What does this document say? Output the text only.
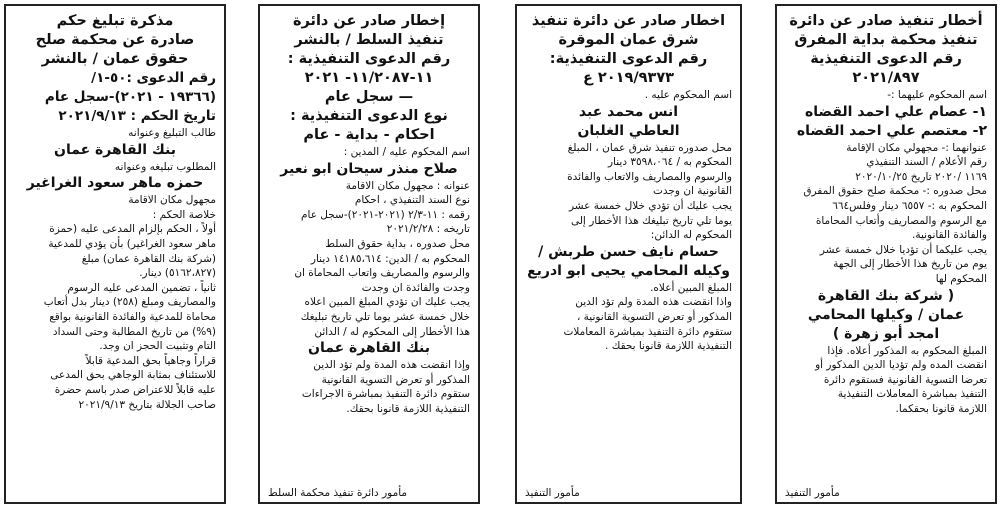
أخطار تنفيذ صادر عن دائرة

تنفيذ محكمة بداية المفرق

رقم الدعوى التنفيذية

٢٠٢١/٨٩٧

اسم المحكوم عليهما :-

١- عصام علي احمد القضاه

٢- معتصم علي احمد القضاه

عنوانهما :- مجهولي مكان الإقامة

رقم الأعلام / السند التنفيذي

١١٦٩ /٢٠٢٠ تاريخ ٢٠٢٠/١٠/٢٥

محل صدوره :- محكمة صلح حقوق المفرق

المحكوم به :- ٦٥٥٧ دينار وفلس٦٦٤

مع الرسوم والمصاريف وأتعاب المحاماة

والفائدة القانونية.

يجب عليكما أن تؤديا خلال خمسة عشر

يوم من تاريخ هذا الأخطار إلى الجهة

المحكوم لها

( شركة بنك القاهرة

عمان / وكيلها المحامي

امجد أبو زهرة )

المبلغ المحكوم به المذكور أعلاه. فإذا

انقضت المده ولم تؤديا الدين المذكور أو

تعرضا التسوية القانونية فستقوم دائرة

التنفيذ بمباشرة المعاملات التنفيذية

اللازمة قانونا بحقكما.

مأمور التنفيذ

اخطار صادر عن دائرة تنفيذ

شرق عمان الموقرة

رقم الدعوى التنفيذية:

٢٠١٩/٩٣٧٣ ع

اسم المحكوم عليه .

انس محمد عبد

العاطي الغلبان

محل صدوره تنفيذ شرق عمان ، المبلغ

المحكوم به / ٣٥٩٨،٠٦٤ دينار

والرسوم والمصاريف والاتعاب والفائدة

القانونية ان وجدت

يجب عليك أن تؤدي خلال خمسة عشر

يوما تلي تاريخ تبليغك هذا الأخطار إلى

المحكوم له الدائن:

حسام نايف حسن طربش /

وكيله المحامي يحيى ابو ادريع

المبلغ المبين أعلاه.

واذا انقضت هذه المدة ولم تؤد الدين

المذكور أو تعرض التسوية القانونية ،

ستقوم دائرة التنفيذ بمباشرة المعاملات

التنفيذية اللازمة قانونا بحقك .

مأمور التنفيذ

إخطار صادر عن دائرة

تنفيذ السلط / بالنشر

رقم الدعوى التنفيذية :

١١-١١/٢٠٨٧- ٢٠٢١

— سجل عام

نوع الدعوى التنفيذية :

احكام - بداية - عام

اسم المحكوم عليه / المدين :

صلاح منذر سيحان ابو نعير

عنوانه : مجهول مكان الاقامة

نوع السند التنفيذي ، احكام

رقمه : ١١-٢/٣ (٢٠٢١-٢٠٢١)-سجل عام

تاريخه : ٢٠٢١/٢/٢٨

محل صدوره ، بداية حقوق السلط

المحكوم به / الدين: ١٤١٨٥،٦١٤ دينار

والرسوم والمصاريف واتعاب المحاماة ان

وجدت والفائدة ان وجدت

يجب عليك ان تؤدي المبلغ المبين اعلاه

خلال خمسة عشر يوما تلي تاريخ تبليغك

هذا الأخطار إلى المحكوم له / الدائن

بنك القاهرة عمان

وإذا انقضت هذه المدة ولم تؤد الدين

المذكور أو تعرض التسوية القانونية

ستقوم دائرة التنفيذ بمباشرة الاجراءات

التنفيذية اللازمة قانونا بحقك.

مأمور دائرة تنفيذ محكمة السلط

مذكرة تبليغ حكم

صادرة عن محكمة صلح

حقوق عمان / بالنشر

رقم الدعوى :٥٠-١/

(١٩٣٦٦ - ٢٠٢١)-سجل عام

تاريخ الحكم : ٢٠٢١/٩/١٣

طالب التبليغ وعنوانه

بنك القاهرة عمان

المطلوب تبليغه وعنوانه

حمزه ماهر سعود الغراغير

مجهول مكان الاقامة

خلاصة الحكم :

أولاً ، الحكم بإلزام المدعى عليه (حمزة

ماهر سعود الغراغير) بأن يؤدي للمدعية

(شركة بنك القاهرة عمان) مبلغ

(٥١٦٢،٨٢٧) دينار.

ثانياً ، تضمين المدعى عليه الرسوم

والمصاريف ومبلغ (٢٥٨) دينار بدل أتعاب

محاماة للمدعية والفائدة القانونية بواقع

(٩%) من تاريخ المطالبة وحتى السداد

التام وتثبيت الحجز ان وجد.

قراراً وجاهياً بحق المدعية قابلاً

للاستئناف بمثابة الوجاهي بحق المدعى

عليه قابلاً للاعتراض صدر باسم حضرة

صاحب الجلالة بتاريخ ٢٠٢١/٩/١٣
